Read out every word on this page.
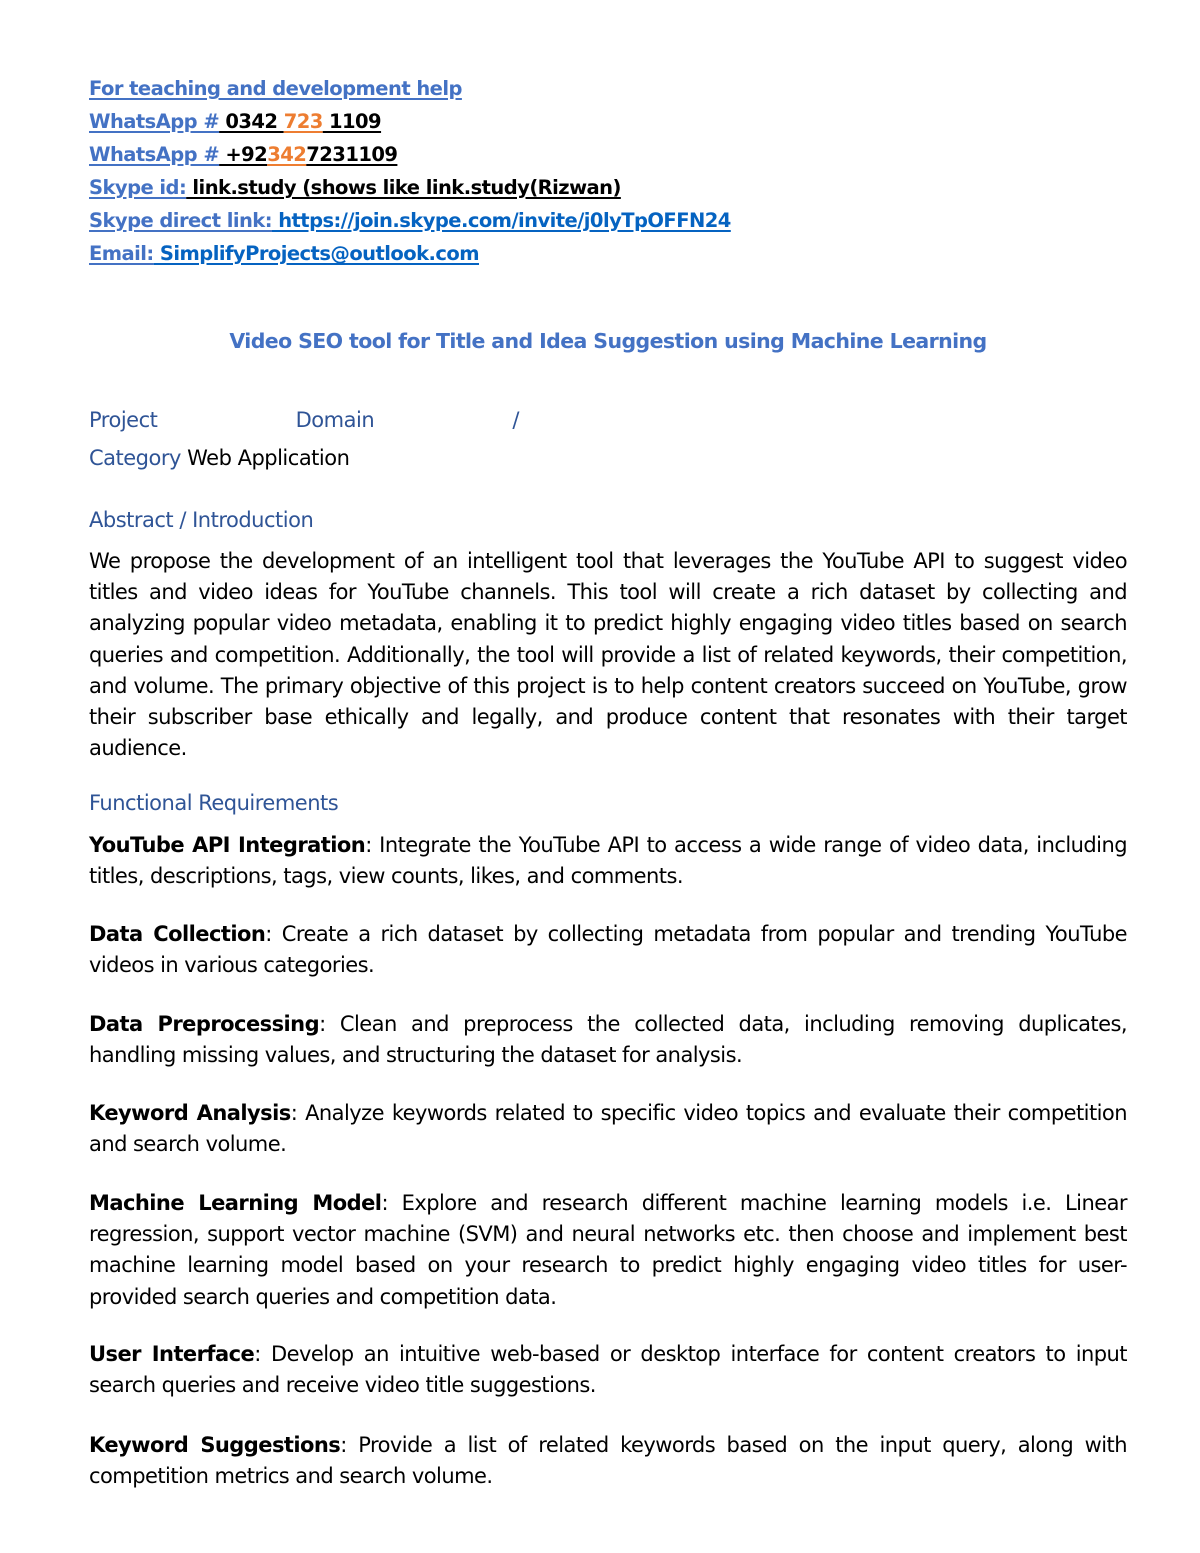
For teaching and development help
WhatsApp # 0342 723 1109
WhatsApp # +923427231109
Skype id: link.study (shows like link.study(Rizwan)
Skype direct link: https://join.skype.com/invite/j0lyTpOFFN24
Email: SimplifyProjects@outlook.com
Video SEO tool for Title and Idea Suggestion using Machine Learning
Project	Domain	/
Category Web Application
Abstract / Introduction
We propose the development of an intelligent tool that leverages the YouTube API to suggest video titles and video ideas for YouTube channels. This tool will create a rich dataset by collecting and analyzing popular video metadata, enabling it to predict highly engaging video titles based on search queries and competition. Additionally, the tool will provide a list of related keywords, their competition, and volume. The primary objective of this project is to help content creators succeed on YouTube, grow their subscriber base ethically and legally, and produce content that resonates with their target audience.
Functional Requirements
YouTube API Integration: Integrate the YouTube API to access a wide range of video data, including titles, descriptions, tags, view counts, likes, and comments.
Data Collection: Create a rich dataset by collecting metadata from popular and trending YouTube videos in various categories.
Data Preprocessing: Clean and preprocess the collected data, including removing duplicates, handling missing values, and structuring the dataset for analysis.
Keyword Analysis: Analyze keywords related to specific video topics and evaluate their competition and search volume.
Machine Learning Model: Explore and research different machine learning models i.e. Linear regression, support vector machine (SVM) and neural networks etc. then choose and implement best machine learning model based on your research to predict highly engaging video titles for user-provided search queries and competition data.
User Interface: Develop an intuitive web-based or desktop interface for content creators to input search queries and receive video title suggestions.
Keyword Suggestions: Provide a list of related keywords based on the input query, along with competition metrics and search volume.
